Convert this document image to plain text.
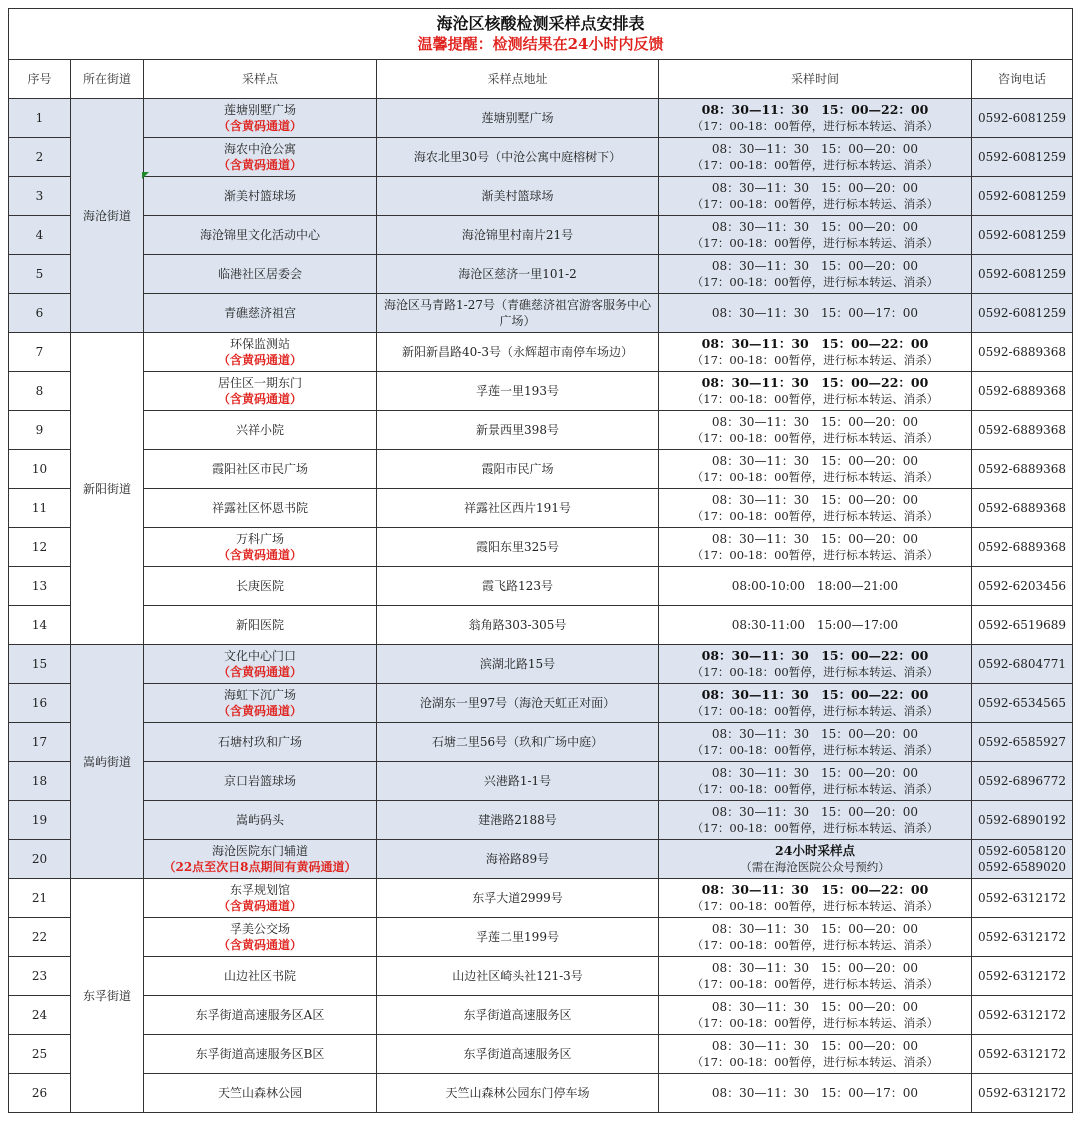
海沧区核酸检测采样点安排表
温馨提醒：检测结果在24小时内反馈					

序号	所在街道	采样点	采样点地址	采样时间	咨询电话
1	海沧街道	莲塘别墅广场
（含黄码通道）	莲塘别墅广场	08：30—11：30　15：00—22：00
（17：00-18：00暂停，进行标本转运、消杀）	0592-6081259

2		海农中沧公寓
（含黄码通道）	海农北里30号（中沧公寓中庭榕树下）	08：30—11：30　15：00—20：00
（17：00-18：00暂停，进行标本转运、消杀）	0592-6081259

3		渐美村篮球场	渐美村篮球场	08：30—11：30　15：00—20：00
（17：00-18：00暂停，进行标本转运、消杀）	0592-6081259

4		海沧锦里文化活动中心	海沧锦里村南片21号	08：30—11：30　15：00—20：00
（17：00-18：00暂停，进行标本转运、消杀）	0592-6081259

5		临港社区居委会	海沧区慈济一里101-2	08：30—11：30　15：00—20：00
（17：00-18：00暂停，进行标本转运、消杀）	0592-6081259

6		青礁慈济祖宫	海沧区马青路1-27号（青礁慈济祖宫游客服务中心广场）	08：30—11：30　15：00—17：00	0592-6081259

7	新阳街道	环保监测站
（含黄码通道）	新阳新昌路40-3号（永辉超市南停车场边）	08：30—11：30　15：00—22：00
（17：00-18：00暂停，进行标本转运、消杀）	0592-6889368

8		居住区一期东门
（含黄码通道）	孚莲一里193号	08：30—11：30　15：00—22：00
（17：00-18：00暂停，进行标本转运、消杀）	0592-6889368

9		兴祥小院	新景西里398号	08：30—11：30　15：00—20：00
（17：00-18：00暂停，进行标本转运、消杀）	0592-6889368

10		霞阳社区市民广场	霞阳市民广场	08：30—11：30　15：00—20：00
（17：00-18：00暂停，进行标本转运、消杀）	0592-6889368

11		祥露社区怀恩书院	祥露社区西片191号	08：30—11：30　15：00—20：00
（17：00-18：00暂停，进行标本转运、消杀）	0592-6889368

12		万科广场
（含黄码通道）	霞阳东里325号	08：30—11：30　15：00—20：00
（17：00-18：00暂停，进行标本转运、消杀）	0592-6889368

13		长庚医院	霞飞路123号	08:00-10:00　18:00—21:00	0592-6203456

14		新阳医院	翁角路303-305号	08:30-11:00　15:00—17:00	0592-6519689

15	嵩屿街道	文化中心门口
（含黄码通道）	滨湖北路15号	08：30—11：30　15：00—22：00
（17：00-18：00暂停，进行标本转运、消杀）	0592-6804771

16		海虹下沉广场
（含黄码通道）	沧湖东一里97号（海沧天虹正对面）	08：30—11：30　15：00—22：00
（17：00-18：00暂停，进行标本转运、消杀）	0592-6534565

17		石塘村玖和广场	石塘二里56号（玖和广场中庭）	08：30—11：30　15：00—20：00
（17：00-18：00暂停，进行标本转运、消杀）	0592-6585927

18		京口岩篮球场	兴港路1-1号	08：30—11：30　15：00—20：00
（17：00-18：00暂停，进行标本转运、消杀）	0592-6896772

19		嵩屿码头	建港路2188号	08：30—11：30　15：00—20：00
（17：00-18：00暂停，进行标本转运、消杀）	0592-6890192

20		海沧医院东门辅道
（22点至次日8点期间有黄码通道）	海裕路89号	24小时采样点
（需在海沧医院公众号预约）	0592-6058120
0592-6589020

21	东孚街道	东孚规划馆
（含黄码通道）	东孚大道2999号	08：30—11：30　15：00—22：00
（17：00-18：00暂停，进行标本转运、消杀）	0592-6312172

22		孚美公交场
（含黄码通道）	孚莲二里199号	08：30—11：30　15：00—20：00
（17：00-18：00暂停，进行标本转运、消杀）	0592-6312172

23		山边社区书院	山边社区崎头社121-3号	08：30—11：30　15：00—20：00
（17：00-18：00暂停，进行标本转运、消杀）	0592-6312172

24		东孚街道高速服务区A区	东孚街道高速服务区	08：30—11：30　15：00—20：00
（17：00-18：00暂停，进行标本转运、消杀）	0592-6312172

25		东孚街道高速服务区B区	东孚街道高速服务区	08：30—11：30　15：00—20：00
（17：00-18：00暂停，进行标本转运、消杀）	0592-6312172

26		天竺山森林公园	天竺山森林公园东门停车场	08：30—11：30　15：00—17：00	0592-6312172
